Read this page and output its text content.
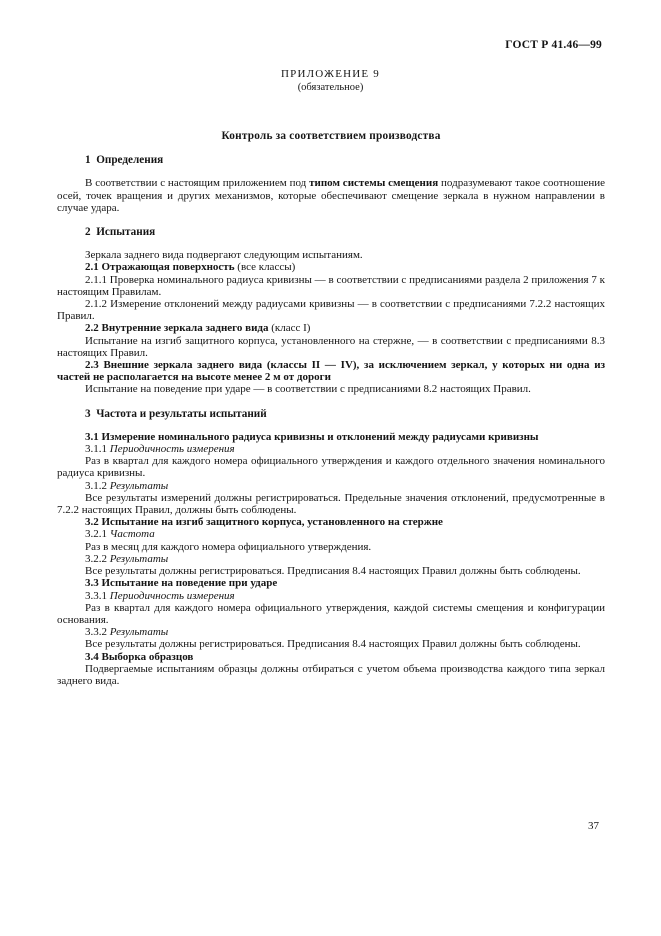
ГОСТ Р 41.46—99
ПРИЛОЖЕНИЕ 9
(обязательное)
Контроль за соответствием производства
1  Определения

В соответствии с настоящим приложением под типом системы смещения подразумевают такое соотношение осей, точек вращения и других механизмов, которые обеспечивают смещение зеркала в нужном направлении в случае удара.

2  Испытания

Зеркала заднего вида подвергают следующим испытаниям.

2.1 Отражающая поверхность (все классы)

2.1.1 Проверка номинального радиуса кривизны — в соответствии с предписаниями раздела 2 приложения 7 к настоящим Правилам.

2.1.2 Измерение отклонений между радиусами кривизны — в соответствии с предписаниями 7.2.2 настоящих Правил.

2.2 Внутренние зеркала заднего вида (класс I)

Испытание на изгиб защитного корпуса, установленного на стержне, — в соответствии с предписаниями 8.3 настоящих Правил.

2.3 Внешние зеркала заднего вида (классы II — IV), за исключением зеркал, у которых ни одна из частей не располагается на высоте менее 2 м от дороги

Испытание на поведение при ударе — в соответствии с предписаниями 8.2 настоящих Правил.

3  Частота и результаты испытаний

3.1 Измерение номинального радиуса кривизны и отклонений между радиусами кривизны

3.1.1 Периодичность измерения

Раз в квартал для каждого номера официального утверждения и каждого отдельного значения номинального радиуса кривизны.

3.1.2 Результаты

Все результаты измерений должны регистрироваться. Предельные значения отклонений, предусмотренные в 7.2.2 настоящих Правил, должны быть соблюдены.

3.2 Испытание на изгиб защитного корпуса, установленного на стержне

3.2.1 Частота

Раз в месяц для каждого номера официального утверждения.

3.2.2 Результаты

Все результаты должны регистрироваться. Предписания 8.4 настоящих Правил должны быть соблюдены.

3.3 Испытание на поведение при ударе

3.3.1 Периодичность измерения

Раз в квартал для каждого номера официального утверждения, каждой системы смещения и конфигурации основания.

3.3.2 Результаты

Все результаты должны регистрироваться. Предписания 8.4 настоящих Правил должны быть соблюдены.

3.4 Выборка образцов

Подвергаемые испытаниям образцы должны отбираться с учетом объема производства каждого типа зеркал заднего вида.

37
